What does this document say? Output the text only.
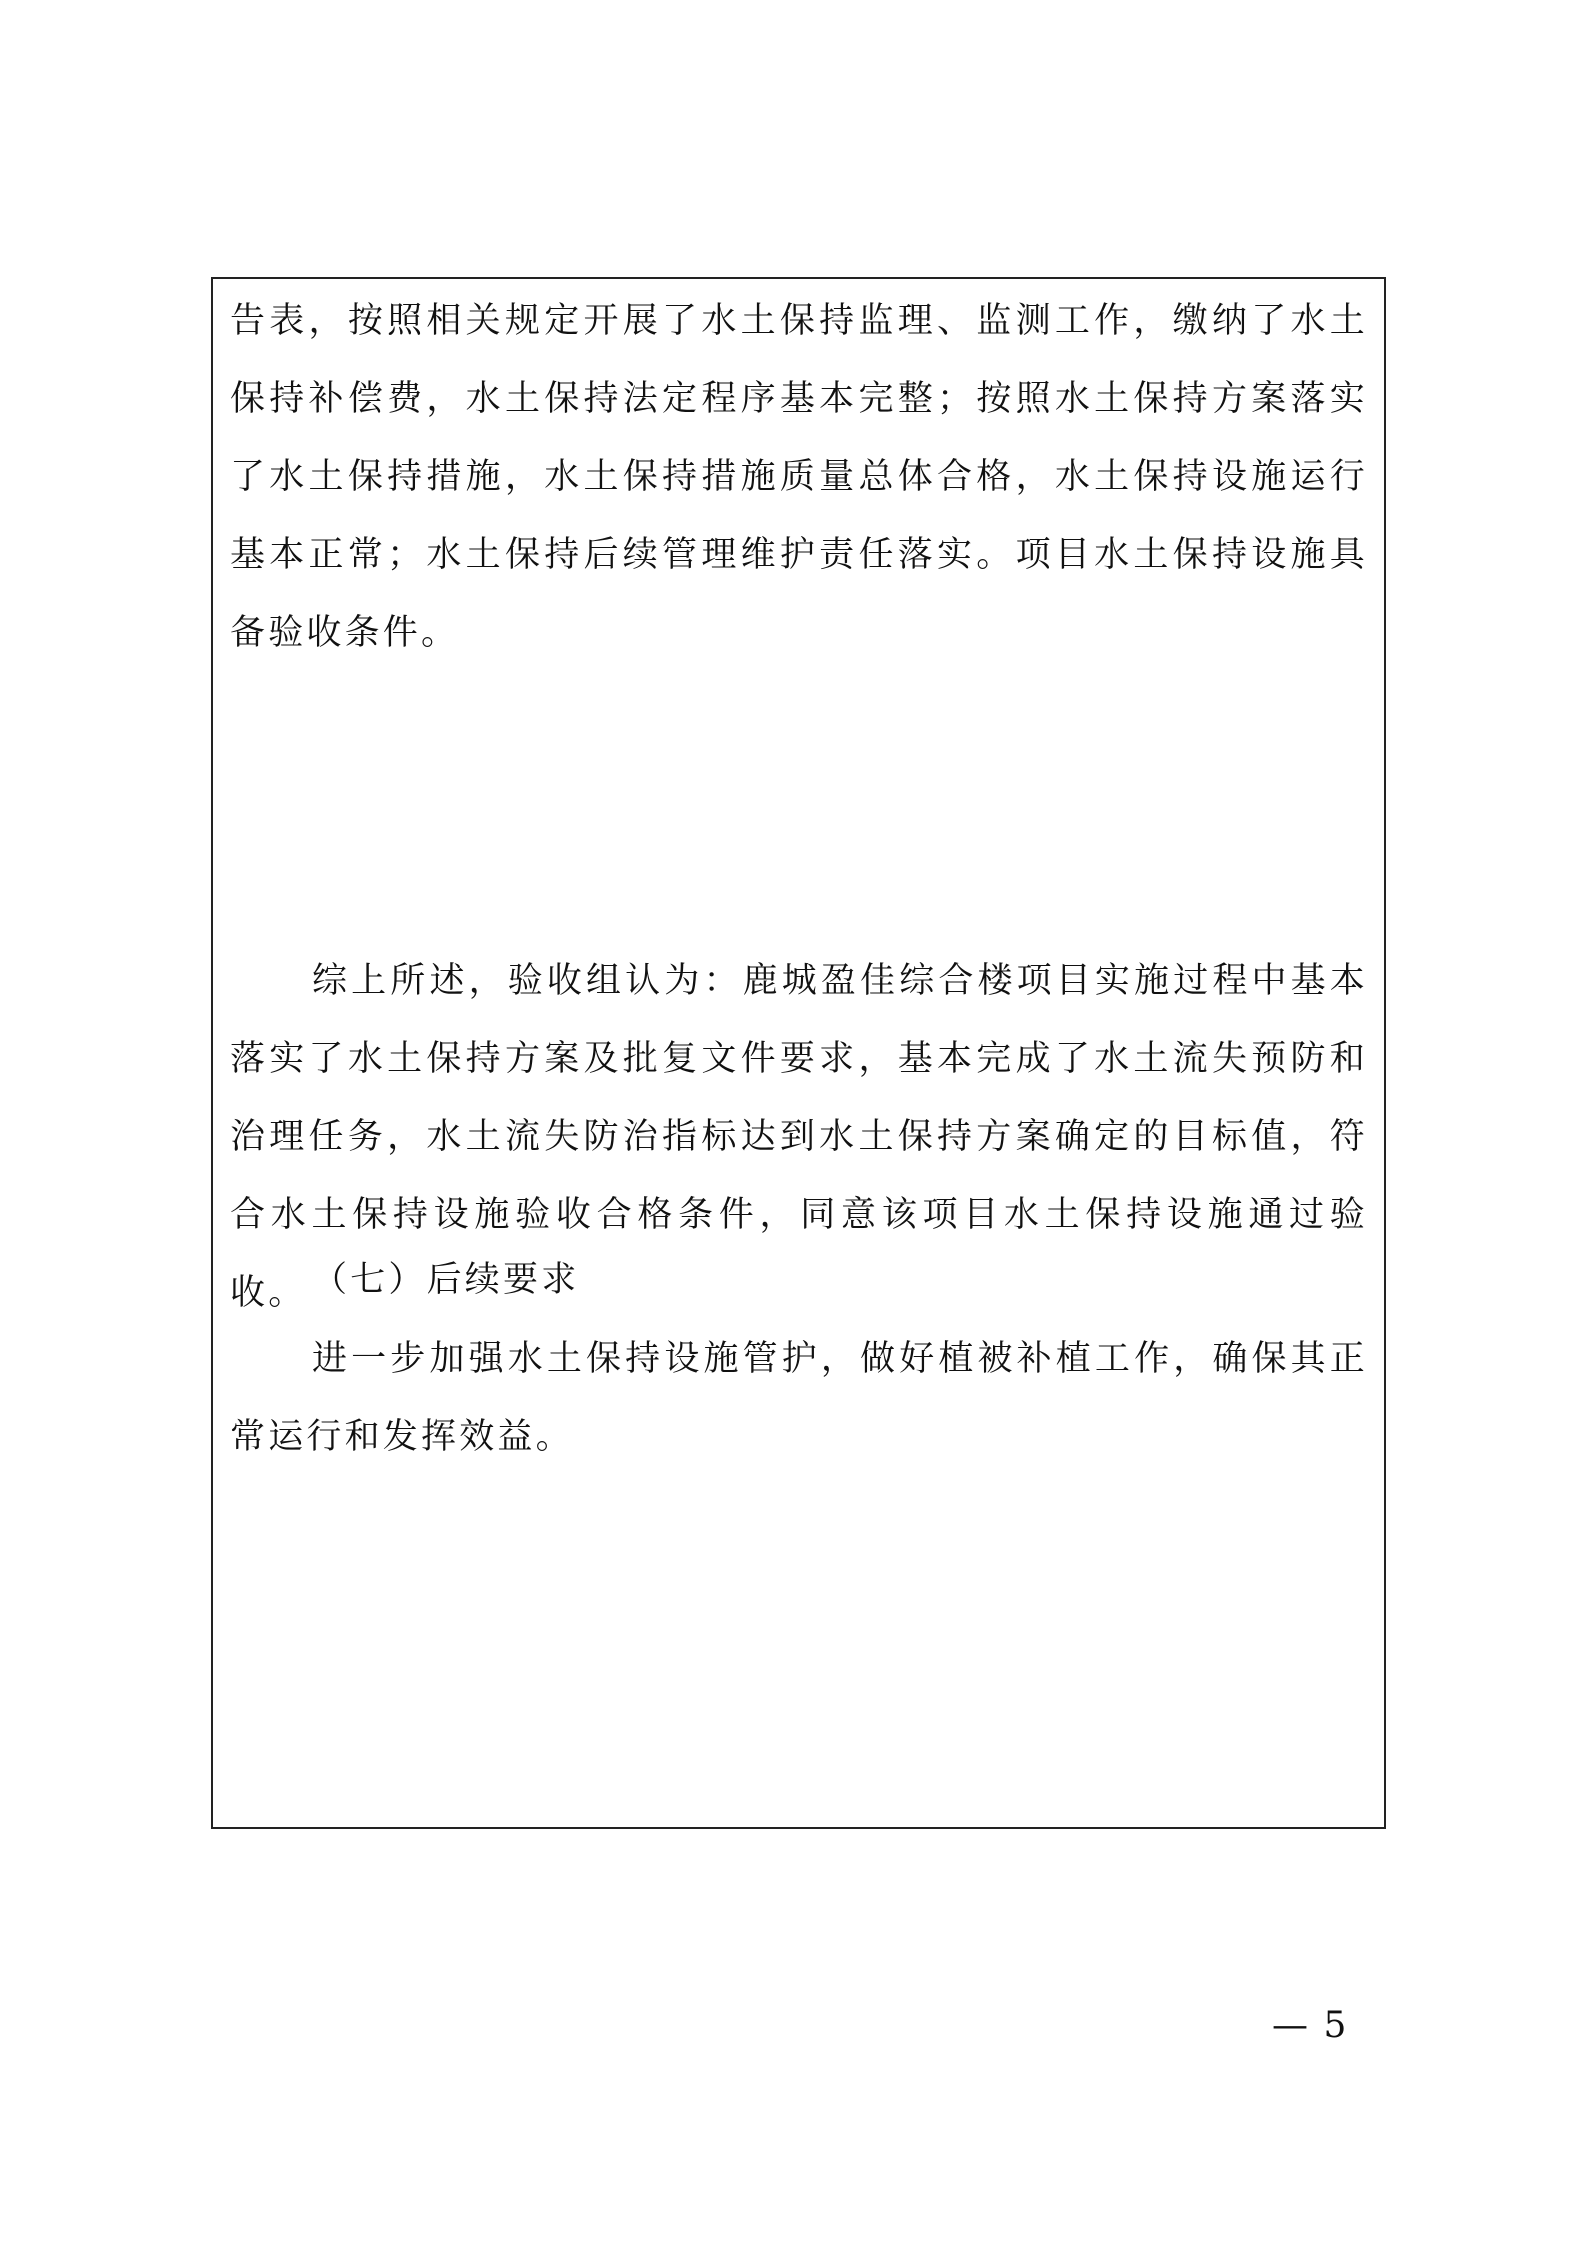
告表，按照相关规定开展了水土保持监理、监测工作，缴纳了水土保持补偿费，水土保持法定程序基本完整；按照水土保持方案落实了水土保持措施，水土保持措施质量总体合格，水土保持设施运行基本正常；水土保持后续管理维护责任落实。项目水土保持设施具备验收条件。

综上所述，验收组认为：鹿城盈佳综合楼项目实施过程中基本落实了水土保持方案及批复文件要求，基本完成了水土流失预防和治理任务，水土流失防治指标达到水土保持方案确定的目标值，符合水土保持设施验收合格条件，同意该项目水土保持设施通过验收。 （七）后续要求

进一步加强水土保持设施管护，做好植被补植工作，确保其正常运行和发挥效益。

— 5
